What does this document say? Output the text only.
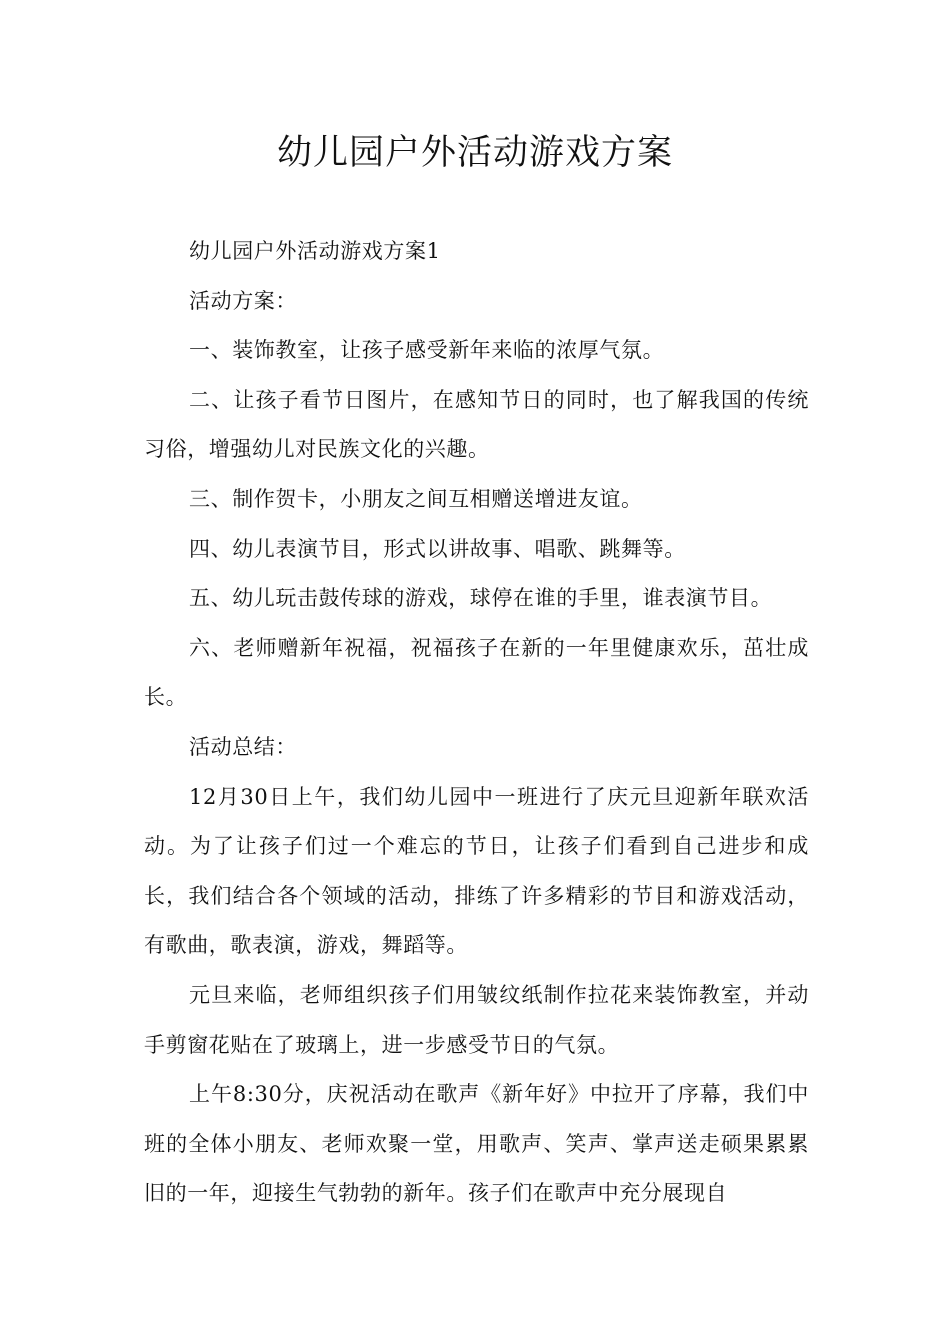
幼儿园户外活动游戏方案

幼儿园户外活动游戏方案1

活动方案：

一、装饰教室，让孩子感受新年来临的浓厚气氛。

二、让孩子看节日图片，在感知节日的同时，也了解我国的传统习俗，增强幼儿对民族文化的兴趣。

三、制作贺卡，小朋友之间互相赠送增进友谊。

四、幼儿表演节目，形式以讲故事、唱歌、跳舞等。

五、幼儿玩击鼓传球的游戏，球停在谁的手里，谁表演节目。

六、老师赠新年祝福，祝福孩子在新的一年里健康欢乐，茁壮成长。

活动总结：

12月30日上午，我们幼儿园中一班进行了庆元旦迎新年联欢活动。为了让孩子们过一个难忘的节日，让孩子们看到自己进步和成长，我们结合各个领域的活动，排练了许多精彩的节目和游戏活动，有歌曲，歌表演，游戏，舞蹈等。

元旦来临，老师组织孩子们用皱纹纸制作拉花来装饰教室，并动手剪窗花贴在了玻璃上，进一步感受节日的气氛。

上午8:30分，庆祝活动在歌声《新年好》中拉开了序幕，我们中班的全体小朋友、老师欢聚一堂，用歌声、笑声、掌声送走硕果累累旧的一年，迎接生气勃勃的新年。孩子们在歌声中充分展现自
